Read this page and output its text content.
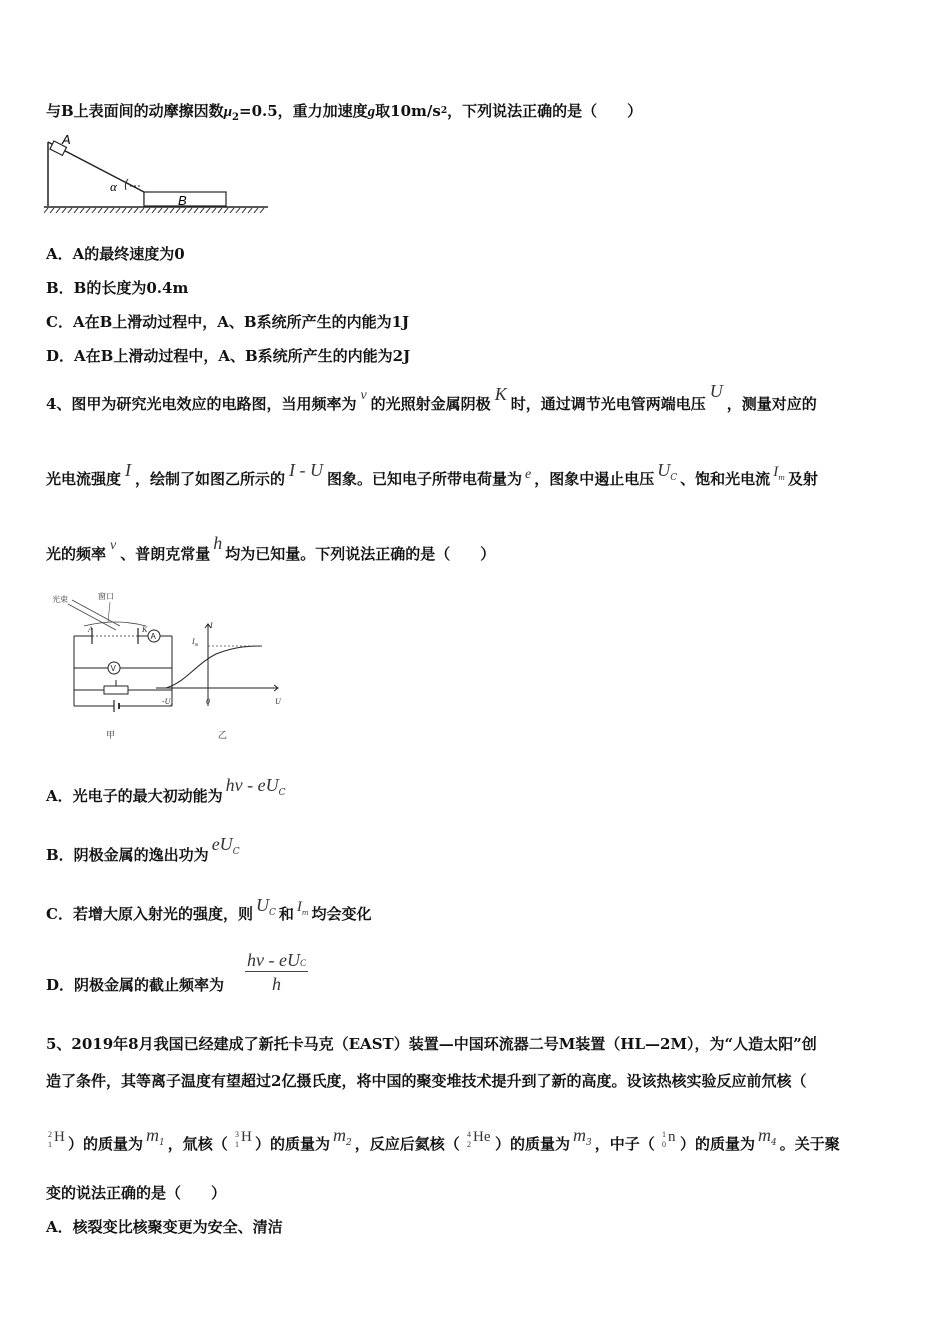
与B上表面间的动摩擦因数$\mu_2=0.5$，重力加速度g取$10m/s^2$，下列说法正确的是（　　）
A
B
α
A．A的最终速度为0
B．B的长度为0.4m
C．A在B上滑动过程中，A、B系统所产生的内能为1J
D．A在B上滑动过程中，A、B系统所产生的内能为2J
4、图甲为研究光电效应的电路图，当用频率为 v 的光照射金属阴极 K 时，通过调节光电管两端电压U，测量对应的
光电流强度 I ，绘制了如图乙所示的 I - U 图象。已知电子所带电荷量为 e ，图象中遏止电压 $U^C$ 、饱和光电流 $I^m$ 及射
光的频率 v 、普朗克常量h均为已知量。下列说法正确的是（　　）
光束	窗口
A	K
A
V
甲
I
$I_m$
$-U_c$	0	U
乙
A．光电子的最大初动能为hv - $eU^C$
B．阴极金属的逸出功为$eU^C$
C．若增大原入射光的强度，则 $U^C$ 和 $I^m$ 均会变化
D．阴极金属的截止频率为
hv - eUC
h
5、2019年8月我国已经建成了新托卡马克（EAST）装置—中国环流器二号M装置（HL—2M），为“人造太阳”创
造了条件，其等离子温度有望超过2亿摄氏度，将中国的聚变堆技术提升到了新的高度。设该热核实验反应前氘核（
2
1 H ）的质量为 $m^1$ ，氚核（
3
1 H ）的质量为 $m^2$ ，反应后氦核（
4
2 He ）的质量为 $m^3$ ，中子（
1
0 n ）的质量为 $m^4$ 。关于聚
变的说法正确的是（　　）
A．核裂变比核聚变更为安全、清洁
